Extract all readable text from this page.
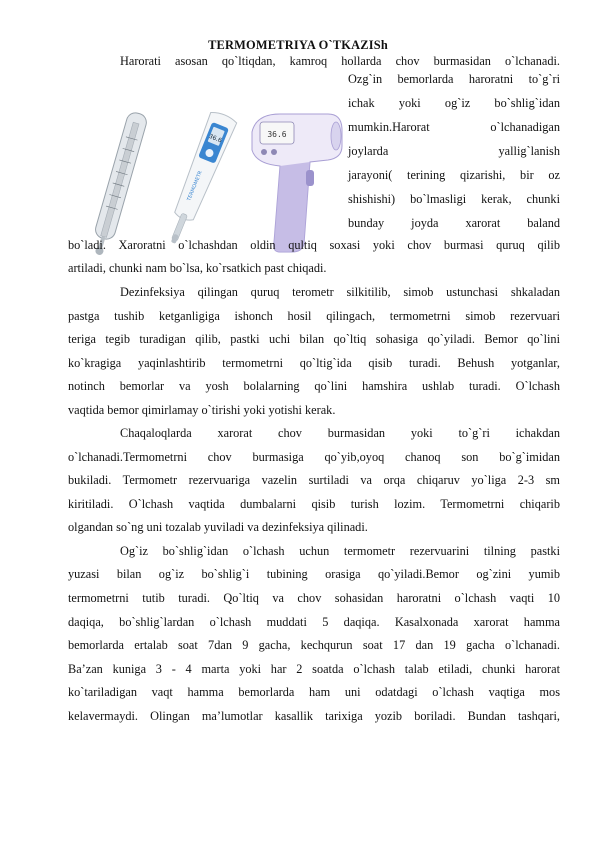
TERMOMETRIYA O`TKAZISh
Harorati asosan qo`ltiqdan, kamroq hollarda chov burmasidan o`lchanadi.
36.6
TERMOMETR
36.6
Ozg`in bemorlarda haroratni to`g`ri
ichak yoki og`iz bo`shlig`idan
mumkin.Harorat o`lchanadigan
joylarda yallig`lanish
jarayoni( terining qizarishi, bir oz
shishishi) bo`lmasligi kerak, chunki
bunday joyda xarorat baland
bo`ladi. Xaroratni o`lchashdan oldin qultiq soxasi yoki chov burmasi quruq qilib
artiladi, chunki nam bo`lsa, ko`rsatkich past chiqadi.
Dezinfeksiya qilingan quruq terometr silkitilib, simob ustunchasi shkaladan
pastga tushib ketganligiga ishonch hosil qilingach, termometrni simob rezervuari
teriga tegib turadigan qilib, pastki uchi bilan qo`ltiq sohasiga qo`yiladi. Bemor qo`lini
ko`kragiga yaqinlashtirib termometrni qo`ltig`ida qisib turadi. Behush yotganlar,
notinch bemorlar va yosh bolalarning qo`lini hamshira ushlab turadi. O`lchash
vaqtida bemor qimirlamay o`tirishi yoki yotishi kerak.
Chaqaloqlarda xarorat chov burmasidan yoki to`g`ri ichakdan
o`lchanadi.Termometrni chov burmasiga qo`yib,oyoq chanoq son bo`g`imidan
bukiladi. Termometr rezervuariga vazelin surtiladi va orqa chiqaruv yo`liga 2-3 sm
kiritiladi. O`lchash vaqtida dumbalarni qisib turish lozim. Termometrni chiqarib
olgandan so`ng uni tozalab yuviladi va dezinfeksiya qilinadi.
Og`iz bo`shlig`idan o`lchash uchun termometr rezervuarini tilning pastki
yuzasi bilan og`iz bo`shlig`i tubining orasiga qo`yiladi.Bemor og`zini yumib
termometrni tutib turadi. Qo`ltiq va chov sohasidan haroratni o`lchash vaqti 10
daqiqa, bo`shlig`lardan o`lchash muddati 5 daqiqa. Kasalxonada xarorat hamma
bemorlarda ertalab soat 7dan 9 gacha, kechqurun soat 17 dan 19 gacha o`lchanadi.
Ba’zan kuniga 3 - 4 marta yoki har 2 soatda o`lchash talab etiladi, chunki harorat
ko`tariladigan vaqt hamma bemorlarda ham uni odatdagi o`lchash vaqtiga mos
kelavermaydi. Olingan ma’lumotlar kasallik tarixiga yozib boriladi. Bundan tashqari,
